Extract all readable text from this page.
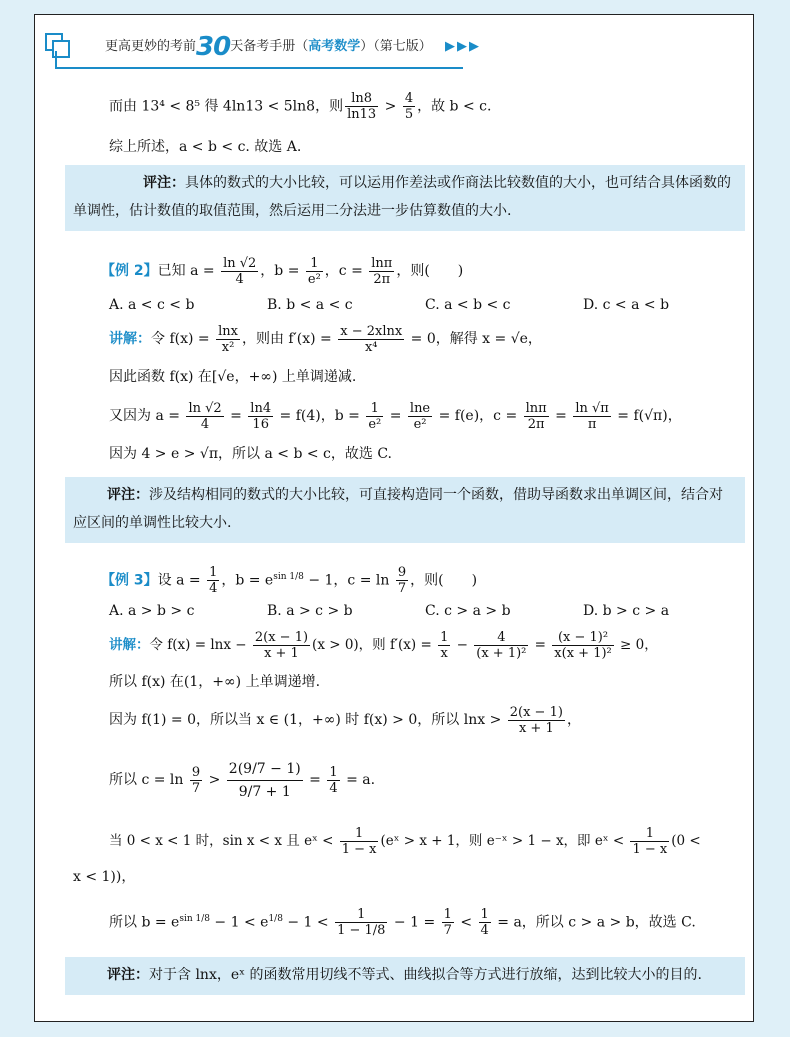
更高更妙的考前30天备考手册（高考数学）（第七版） ▶▶▶

而由 13⁴ < 8⁵ 得 4ln13 < 5ln8，则 $\frac{\ln 8}{\ln 13} > \frac{4}{5}$ ，故 b < c.

综上所述，a < b < c. 故选 A.

评注：具体的数式的大小比较，可以运用作差法或作商法比较数值的大小，也可结合具体函数的单调性，估计数值的取值范围，然后运用二分法进一步估算数值的大小.

【例 2】已知 $a = \frac{\ln √2}{4}$ ，$b = \frac{1}{\text{e²}}$ ，$c = \frac{\ln\pi}{2\pi}$ ，则(　　)

A. a < c < b	B. b < a < c	C. a < b < c	D. c < a < b

讲解：令 $f(x) = \frac{\ln x}{\text{x²}}$ ，则由 $f'(x) = \frac{x - 2xlnx}{\text{x⁴}} = 0$，解得 x = √e，

因此函数 f(x) 在[√e，+∞) 上单调递减.

又因为 $a = \frac{\ln √2}{4} = \frac{\ln 4}{16} = f(4)$，$b = \frac{1}{\text{e²}} = \frac{\ln e}{\text{e²}} = f(e)$，$c = \frac{\ln\pi}{2\pi} = \frac{\ln √\pi}{\pi} = f(√\pi)$，

因为 4 > e > √π，所以 a < b < c，故选 C.

评注：涉及结构相同的数式的大小比较，可直接构造同一个函数，借助导函数求出单调区间，结合对应区间的单调性比较大小.

【例 3】设 $a = \frac{1}{4}$ ，$b = e^{sin 1/8} - 1$，$c = \ln \frac{9}{7}$ ，则(　　)

A. a > b > c	B. a > c > b	C. c > a > b	D. b > c > a

讲解：令 $f(x) = \ln x - \frac{2(x - 1)}{x + 1} (x > 0)$，则 $f'(x) = \frac{1}{x} - \frac{4}{\text{(x + 1)²}} = \frac{\text{(x − 1)²}}{\text{x(x + 1)²}} \ge 0$，

所以 f(x) 在(1，+∞) 上单调递增.

因为 f(1) = 0，所以当 x ∈ (1，+∞) 时 f(x) > 0，所以 $\ln x > \frac{2(x - 1)}{x + 1}$ ，

所以 $c = \ln \frac{9}{7} > \frac{2(9/7 - 1)}{9/7 + 1} = \frac{1}{4} = a$.

当 0 < x < 1 时，sin x < x 且 eˣ < $\frac{1}{1 - x}$ (eˣ > x + 1，则 e⁻ˣ > 1 − x，即 eˣ < $\frac{1}{1 - x} (0$ <

x < 1))，

所以 $b = e^{sin 1/8} - 1 < e^{1/8} - 1 < \frac{1}{1 - 1/8} - 1 = \frac{1}{7} < \frac{1}{4} = a$，所以 c > a > b，故选 C.

评注：对于含 lnx，eˣ 的函数常用切线不等式、曲线拟合等方式进行放缩，达到比较大小的目的.
